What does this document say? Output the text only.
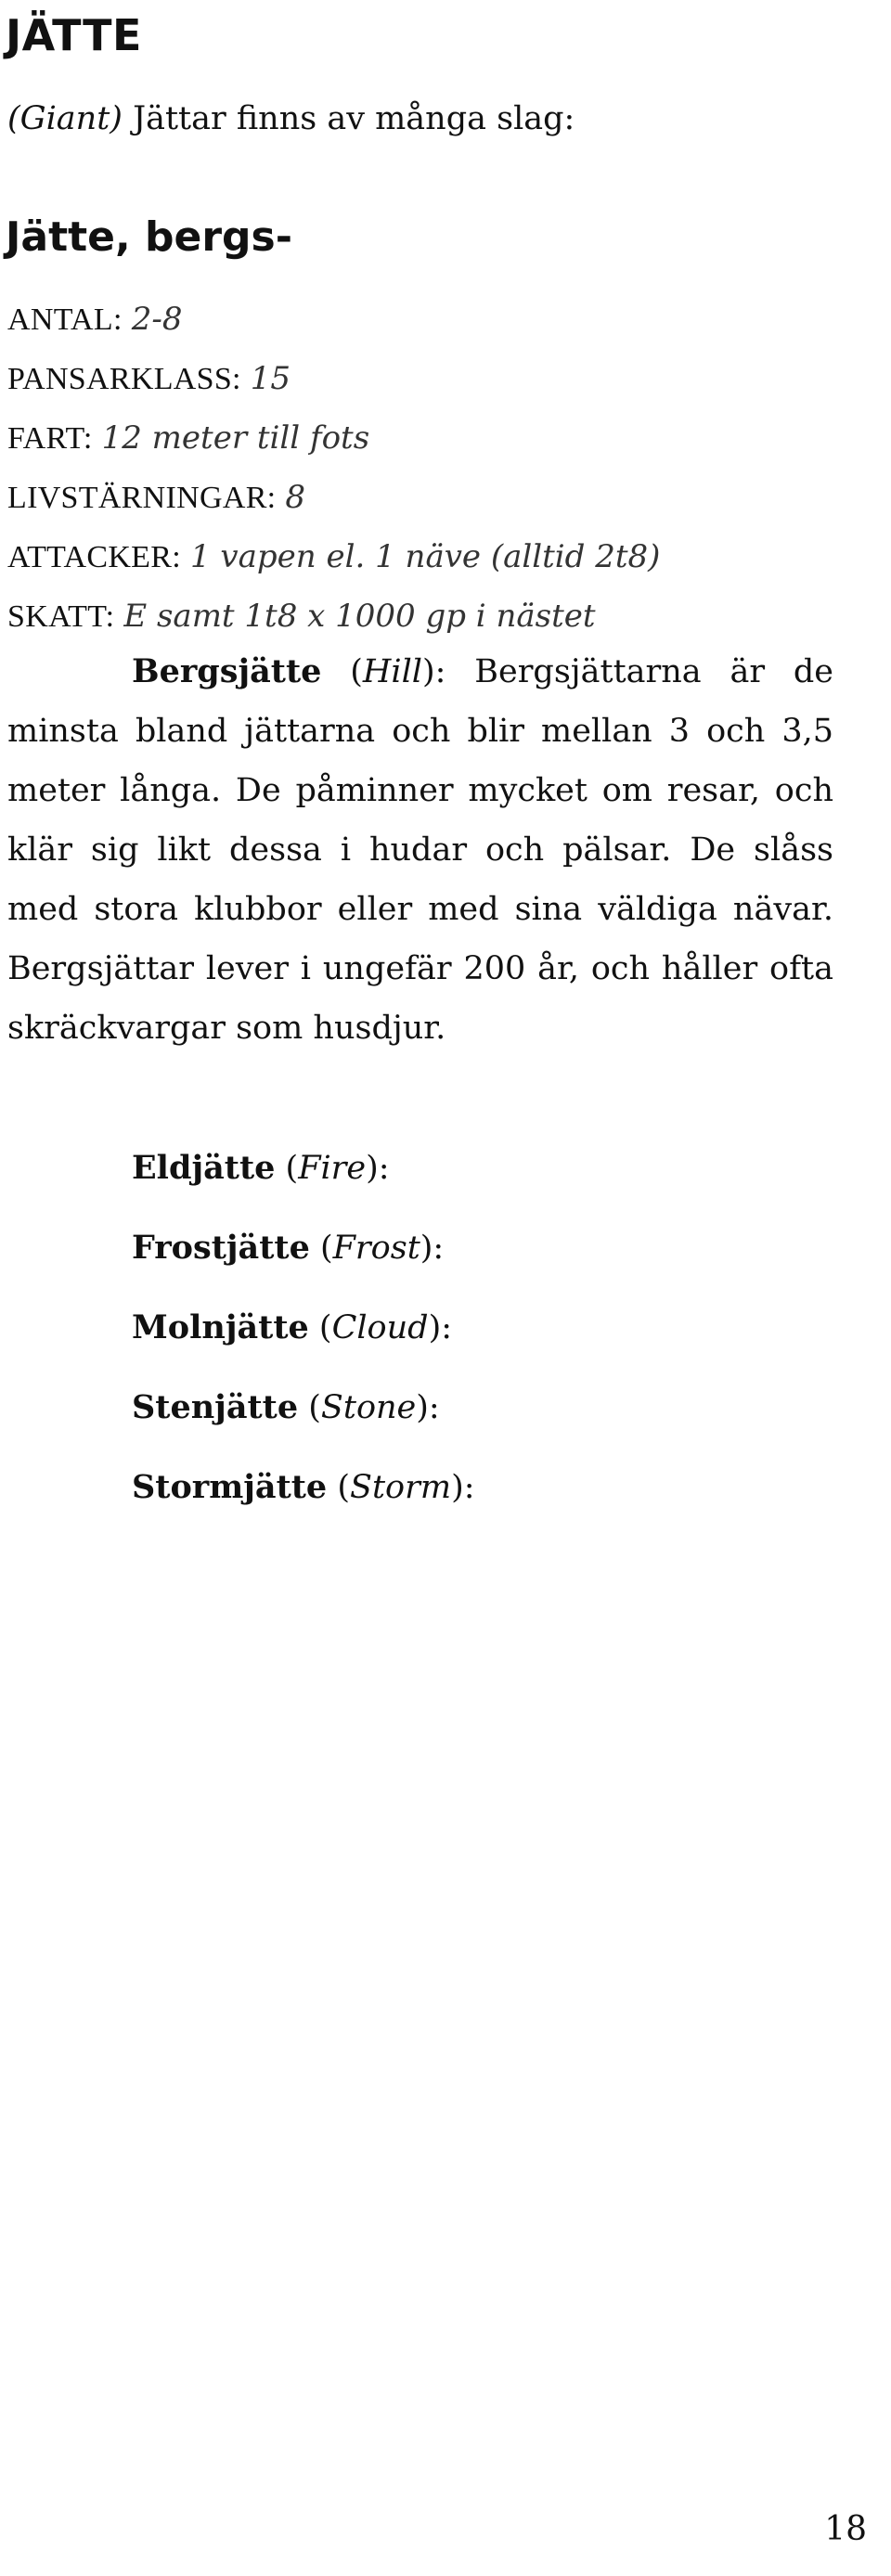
JÄTTE

(Giant) Jättar finns av många slag:

Jätte, bergs-
ANTAL: 2-8
PANSARKLASS: 15
FART: 12 meter till fots
LIVSTÄRNINGAR: 8
ATTACKER: 1 vapen el. 1 näve (alltid 2t8)
SKATT: E samt 1t8 x 1000 gp i nästet

Bergsjätte (Hill): Bergsjättarna är de minsta bland jättarna och blir mellan 3 och 3,5 meter långa. De påminner mycket om resar, och klär sig likt dessa i hudar och pälsar. De slåss med stora klubbor eller med sina väldiga nävar. Bergsjättar lever i ungefär 200 år, och håller ofta skräckvargar som husdjur.

Eldjätte (Fire):
Frostjätte (Frost):
Molnjätte (Cloud):
Stenjätte (Stone):
Stormjätte (Storm):
18
